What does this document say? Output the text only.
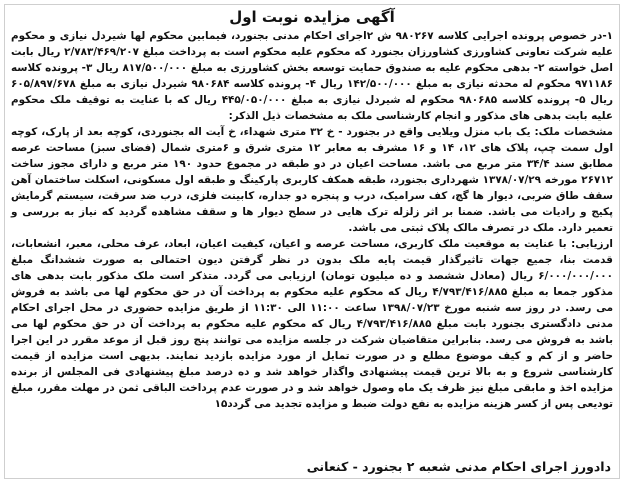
آگهی مزایده نوبت اول
۱-در خصوص پرونده اجرایی کلاسه ۹۸۰۲۶۷ ش ۲اجرای احکام مدنی بجنورد، فیمابین محکوم لها شیردل نیازی و محکوم علیه شرکت تعاونی کشاورزی کشاورزان بجنورد که محکوم علیه محکوم است به پرداخت مبلغ ۲/۷۸۳/۴۶۹/۲۰۷ ریال بابت اصل خواسته ۲- بدهی محکوم علیه به صندوق حمایت توسعه بخش کشاورزی به مبلغ ۸۱۷/۵۰۰/۰۰۰ ریال ۳- پرونده کلاسه ۹۷۱۱۸۶ محکوم له محدثه نیازی به مبلغ ۱۴۲/۵۰۰/۰۰۰ ریال ۴- پرونده کلاسه ۹۸۰۶۸۴ شیردل نیازی به مبلغ ۶۰۵/۸۹۷/۶۷۸ ریال ۵- پرونده کلاسه ۹۸۰۶۸۵ محکوم له شیردل نیازی به مبلغ ۴۴۵/۰۵۰/۰۰۰ ریال که با عنایت به توقیف ملک محکوم علیه بابت بدهی های مذکور و انجام کارشناسی ملک به مشخصات ذیل الذکر:
مشخصات ملک: یک باب منزل ویلایی واقع در بجنورد - خ ۳۲ متری شهداء، خ آیت اله بجنوردی، کوچه بعد از پارک، کوچه اول سمت چپ، پلاک های ۱۲، ۱۴ و ۱۶ مشرف به معابر ۱۲ متری شرق و ۶متری شمال (فضای سبز) مساحت عرصه مطابق سند ۳۴/۴ متر مربع می باشد. مساحت اعیان در دو طبقه در مجموع حدود ۱۹۰ متر مربع و دارای مجوز ساخت ۲۶۷۱۲ مورخه ۱۳۷۸/۰۷/۲۹ شهرداری بجنورد، طبقه همکف کاربری پارکینگ و طبقه اول مسکونی، اسکلت ساختمان آهن سقف طاق ضربی، دیوار ها گچ، کف سرامیک، درب و پنجره دو جداره، کابینت فلزی، درب ضد سرقت، سیستم گرمایش پکیج و رادیات می باشد. ضمنا بر اثر زلزله ترک هایی در سطح دیوار ها و سقف مشاهده گردید که نیاز به بررسی و تعمیر دارد. ملک در تصرف مالک پلاک ثبتی می باشد.
ارزیابی: با عنایت به موقعیت ملک کاربری، مساحت عرصه و اعیان، کیفیت اعیان، ابعاد، عرف محلی، معبر، انشعابات، قدمت بنا، جمیع جهات تاثیرگذار قیمت پایه ملک بدون در نظر گرفتن دیون احتمالی به صورت ششدانگ مبلغ ۶/۰۰۰/۰۰۰/۰۰۰ ریال (معادل ششصد و ده میلیون تومان) ارزیابی می گردد. متذکر است ملک مذکور بابت بدهی های مذکور جمعا به مبلغ ۴/۷۹۳/۴۱۶/۸۸۵ ریال که محکوم علیه محکوم به پرداخت آن در حق محکوم لها می باشد به فروش می رسد. در روز سه شنبه مورخ ۱۳۹۸/۰۷/۲۳ ساعت ۱۱:۰۰ الی ۱۱:۳۰ از طریق مزایده حضوری در محل اجرای احکام مدنی دادگستری بجنورد بابت مبلغ ۴/۷۹۳/۴۱۶/۸۸۵ ریال که محکوم علیه محکوم به پرداخت آن در حق محکوم لها می باشد به فروش می رسد. بنابراین متقاضیان شرکت در جلسه مزایده می توانند پنج روز قبل از موعد مقرر در این اجرا حاضر و از کم و کیف موضوع مطلع و در صورت تمایل از مورد مزایده بازدید نمایند. بدیهی است مزایده از قیمت کارشناسی شروع و به بالا ترین قیمت پیشنهادی واگذار خواهد شد و ده درصد مبلغ پیشنهادی فی المجلس از برنده مزایده اخذ و مابقی مبلغ نیز ظرف یک ماه وصول خواهد شد و در صورت عدم پرداخت الباقی ثمن در مهلت مقرر، مبلغ تودیعی پس از کسر هزینه مزایده به نفع دولت ضبط و مزایده تجدید می گردد۱۵
دادورز اجرای احکام مدنی شعبه ۲ بجنورد - کنعانی
